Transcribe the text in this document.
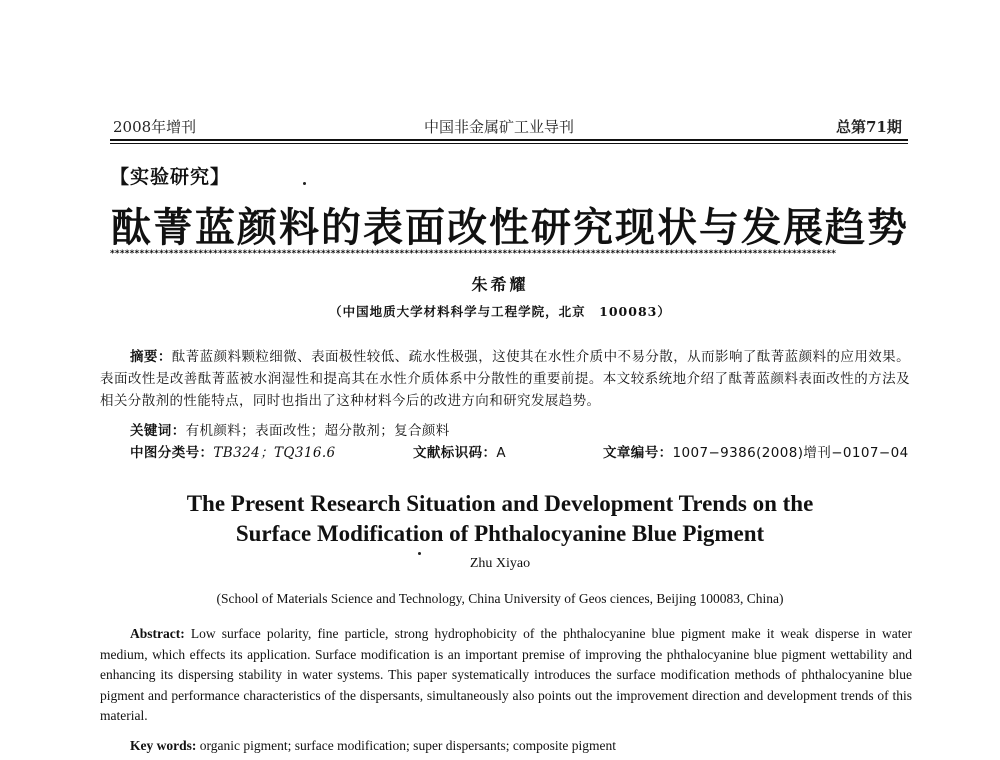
2008年增刊	中国非金属矿工业导刊	总第71期
【实验研究】
酞菁蓝颜料的表面改性研究现状与发展趋势
****************************************************************************************************************************************************
朱希耀
（中国地质大学材料科学与工程学院，北京　100083）
摘要：酞菁蓝颜料颗粒细微、表面极性较低、疏水性极强，这使其在水性介质中不易分散，从而影响了酞菁蓝颜料的应用效果。表面改性是改善酞菁蓝被水润湿性和提高其在水性介质体系中分散性的重要前提。本文较系统地介绍了酞菁蓝颜料表面改性的方法及相关分散剂的性能特点，同时也指出了这种材料今后的改进方向和研究发展趋势。
关键词：有机颜料；表面改性；超分散剂；复合颜料
中图分类号：TB324；TQ316.6	文献标识码：A	文章编号：1007−9386(2008)增刊−0107−04
The Present Research Situation and Development Trends on the
Surface Modification of Phthalocyanine Blue Pigment
Zhu Xiyao
(School of Materials Science and Technology, China University of Geos ciences, Beijing 100083, China)
Abstract: Low surface polarity, fine particle, strong hydrophobicity of the phthalocyanine blue pigment make it weak disperse in water medium, which effects its application. Surface modification is an important premise of improving the phthalocyanine blue pigment wettability and enhancing its dispersing stability in water systems. This paper systematically introduces the surface modification methods of phthalocyanine blue pigment and performance characteristics of the dispersants, simultaneously also points out the improvement direction and development trends of this material.
Key words: organic pigment; surface modification; super dispersants; composite pigment
